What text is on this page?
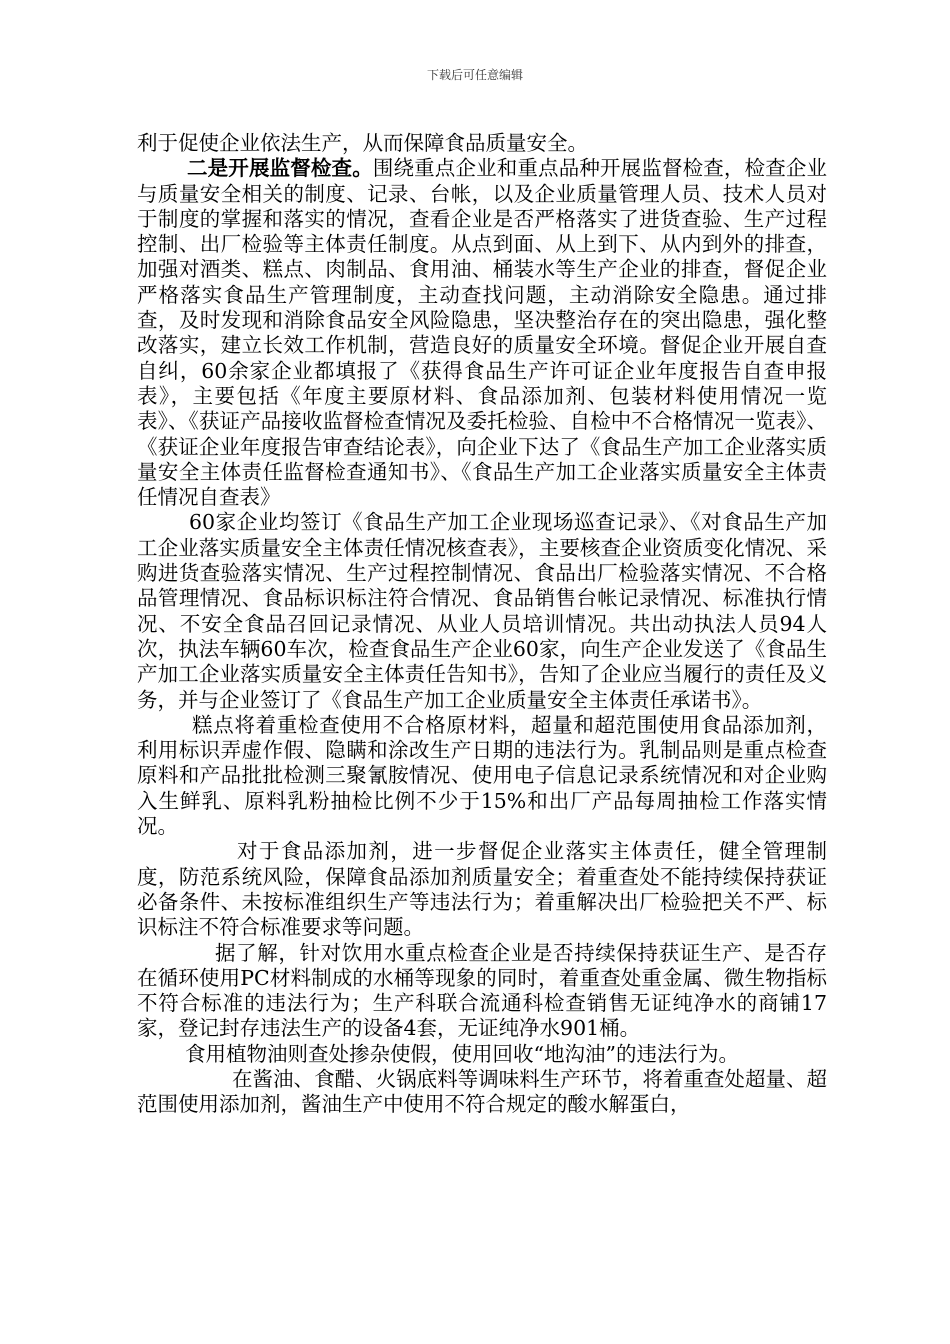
下载后可任意编辑

利于促使企业依法生产，从而保障食品质量安全。

二是开展监督检查。围绕重点企业和重点品种开展监督检查，检查企业与质量安全相关的制度、记录、台帐，以及企业质量管理人员、技术人员对于制度的掌握和落实的情况，查看企业是否严格落实了进货查验、生产过程控制、出厂检验等主体责任制度。从点到面、从上到下、从内到外的排查，加强对酒类、糕点、肉制品、食用油、桶装水等生产企业的排查，督促企业严格落实食品生产管理制度，主动查找问题，主动消除安全隐患。通过排查，及时发现和消除食品安全风险隐患，坚决整治存在的突出隐患，强化整改落实，建立长效工作机制，营造良好的质量安全环境。督促企业开展自查自纠，60余家企业都填报了《获得食品生产许可证企业年度报告自查申报表》，主要包括《年度主要原材料、食品添加剂、包装材料使用情况一览表》、《获证产品接收监督检查情况及委托检验、自检中不合格情况一览表》、《获证企业年度报告审查结论表》，向企业下达了《食品生产加工企业落实质量安全主体责任监督检查通知书》、《食品生产加工企业落实质量安全主体责任情况自查表》

60家企业均签订《食品生产加工企业现场巡查记录》、《对食品生产加工企业落实质量安全主体责任情况核查表》，主要核查企业资质变化情况、采购进货查验落实情况、生产过程控制情况、食品出厂检验落实情况、不合格品管理情况、食品标识标注符合情况、食品销售台帐记录情况、标准执行情况、不安全食品召回记录情况、从业人员培训情况。共出动执法人员94人次，执法车辆60车次，检查食品生产企业60家，向生产企业发送了《食品生产加工企业落实质量安全主体责任告知书》，告知了企业应当履行的责任及义务，并与企业签订了《食品生产加工企业质量安全主体责任承诺书》。

糕点将着重检查使用不合格原材料，超量和超范围使用食品添加剂，利用标识弄虚作假、隐瞒和涂改生产日期的违法行为。乳制品则是重点检查原料和产品批批检测三聚氰胺情况、使用电子信息记录系统情况和对企业购入生鲜乳、原料乳粉抽检比例不少于15%和出厂产品每周抽检工作落实情况。

对于食品添加剂，进一步督促企业落实主体责任，健全管理制度，防范系统风险，保障食品添加剂质量安全；着重查处不能持续保持获证必备条件、未按标准组织生产等违法行为；着重解决出厂检验把关不严、标识标注不符合标准要求等问题。

据了解，针对饮用水重点检查企业是否持续保持获证生产、是否存在循环使用PC材料制成的水桶等现象的同时，着重查处重金属、微生物指标不符合标准的违法行为；生产科联合流通科检查销售无证纯净水的商铺17家，登记封存违法生产的设备4套，无证纯净水901桶。

食用植物油则查处掺杂使假，使用回收“地沟油”的违法行为。

在酱油、食醋、火锅底料等调味料生产环节，将着重查处超量、超范围使用添加剂，酱油生产中使用不符合规定的酸水解蛋白，
